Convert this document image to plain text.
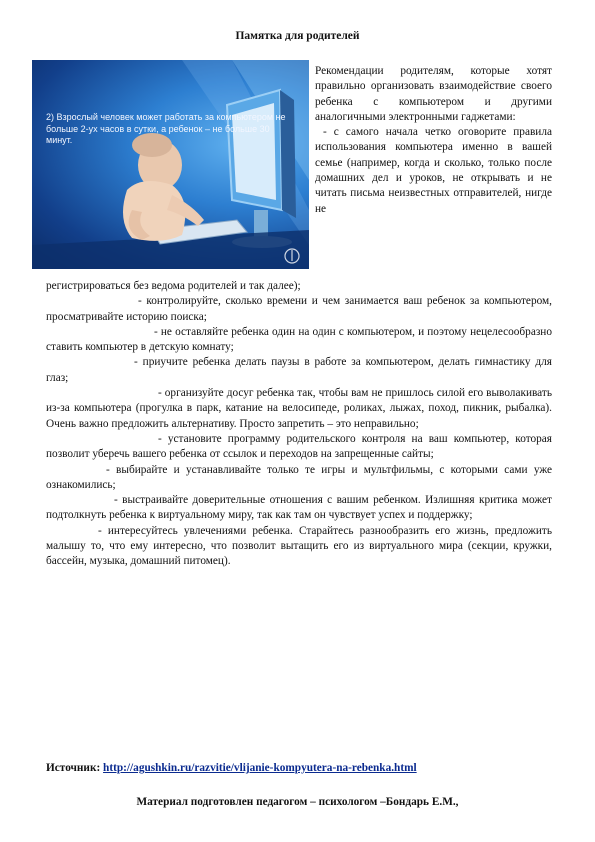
Памятка для родителей
2) Взрослый человек может работать за компьютером не больше 2-ух часов в сутки, а ребенок – не больше 30 минут.

Рекомендации родителям, которые хотят правильно организовать взаимодействие своего ребенка с компьютером и другими аналогичными электронными гаджетами:

- с самого начала четко оговорите правила использования компьютера именно в вашей семье (например, когда и сколько, только после домашних дел и уроков, не открывать и не читать письма неизвестных отправителей, нигде не

регистрироваться без ведома родителей и так далее);

- контролируйте, сколько времени и чем занимается ваш ребенок за компьютером, просматривайте историю поиска;

- не оставляйте ребенка один на один с компьютером, и поэтому нецелесообразно ставить компьютер в детскую комнату;

- приучите ребенка делать паузы в работе за компьютером, делать гимнастику для глаз;

- организуйте досуг ребенка так, чтобы вам не пришлось силой его выволакивать из-за компьютера (прогулка в парк, катание на велосипеде, роликах, лыжах, поход, пикник, рыбалка). Очень важно предложить альтернативу. Просто запретить – это неправильно;

- установите программу родительского контроля на ваш компьютер, которая позволит уберечь вашего ребенка от ссылок и переходов на запрещенные сайты;

- выбирайте и устанавливайте только те игры и мультфильмы, с которыми сами уже ознакомились;

- выстраивайте доверительные отношения с вашим ребенком. Излишняя критика может подтолкнуть ребенка к виртуальному миру, так как там он чувствует успех и поддержку;

- интересуйтесь увлечениями ребенка. Старайтесь разнообразить его жизнь, предложить малышу то, что ему интересно, что позволит вытащить его из виртуального мира (секции, кружки, бассейн, музыка, домашний питомец).

Источник: http://agushkin.ru/razvitie/vlijanie-kompyutera-na-rebenka.html
Материал подготовлен педагогом – психологом –Бондарь Е.М.,
